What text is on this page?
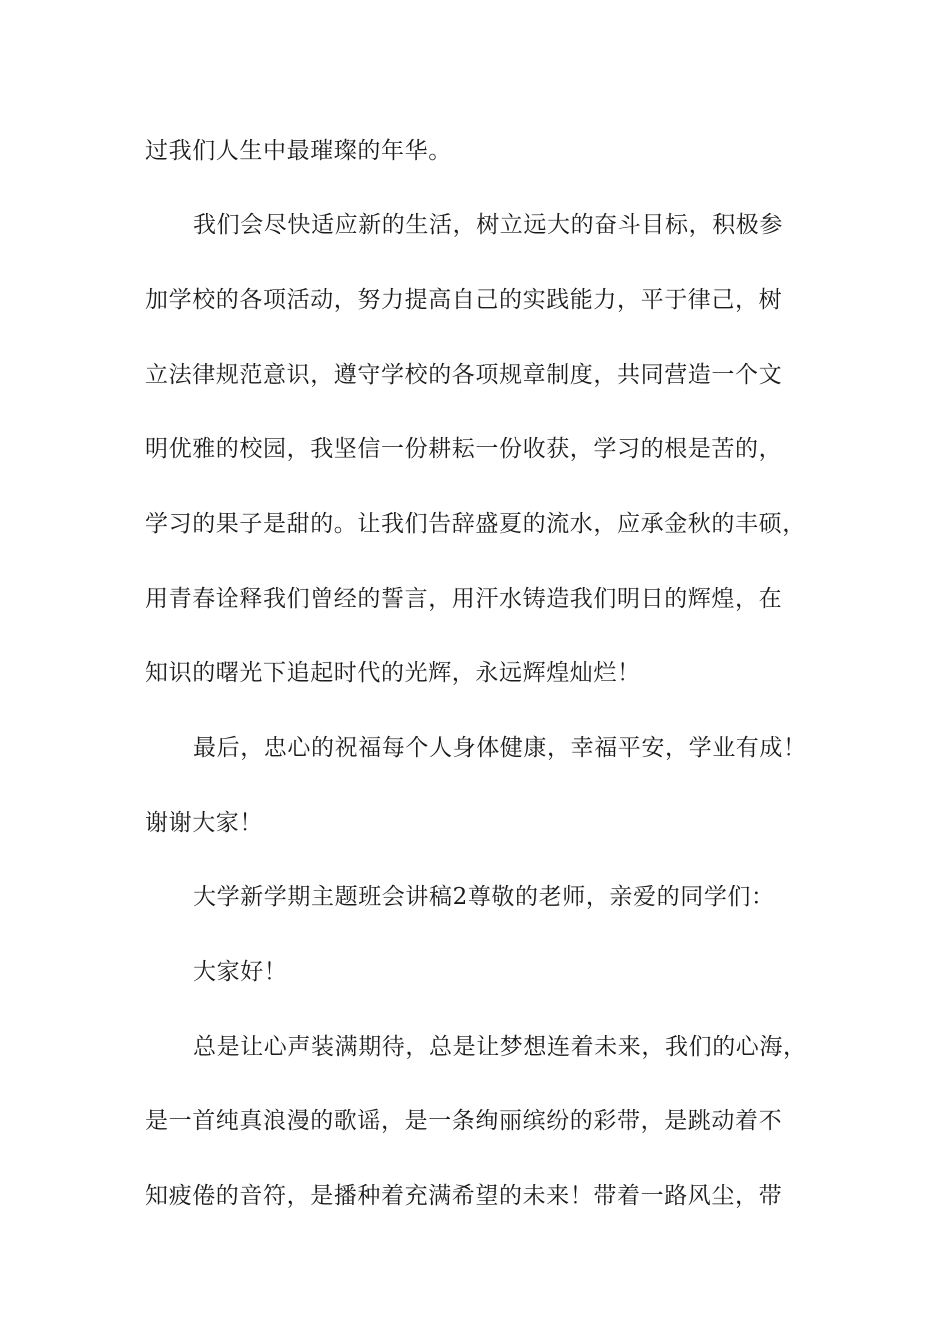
过我们人生中最璀璨的年华。
我们会尽快适应新的生活，树立远大的奋斗目标，积极参
加学校的各项活动，努力提高自己的实践能力，平于律己，树
立法律规范意识，遵守学校的各项规章制度，共同营造一个文
明优雅的校园，我坚信一份耕耘一份收获，学习的根是苦的，
学习的果子是甜的。让我们告辞盛夏的流水，应承金秋的丰硕，
用青春诠释我们曾经的誓言，用汗水铸造我们明日的辉煌，在
知识的曙光下追起时代的光辉，永远辉煌灿烂！
最后，忠心的祝福每个人身体健康，幸福平安，学业有成！
谢谢大家！
大学新学期主题班会讲稿2尊敬的老师，亲爱的同学们：
大家好！
总是让心声装满期待，总是让梦想连着未来，我们的心海，
是一首纯真浪漫的歌谣，是一条绚丽缤纷的彩带，是跳动着不
知疲倦的音符，是播种着充满希望的未来！带着一路风尘，带
